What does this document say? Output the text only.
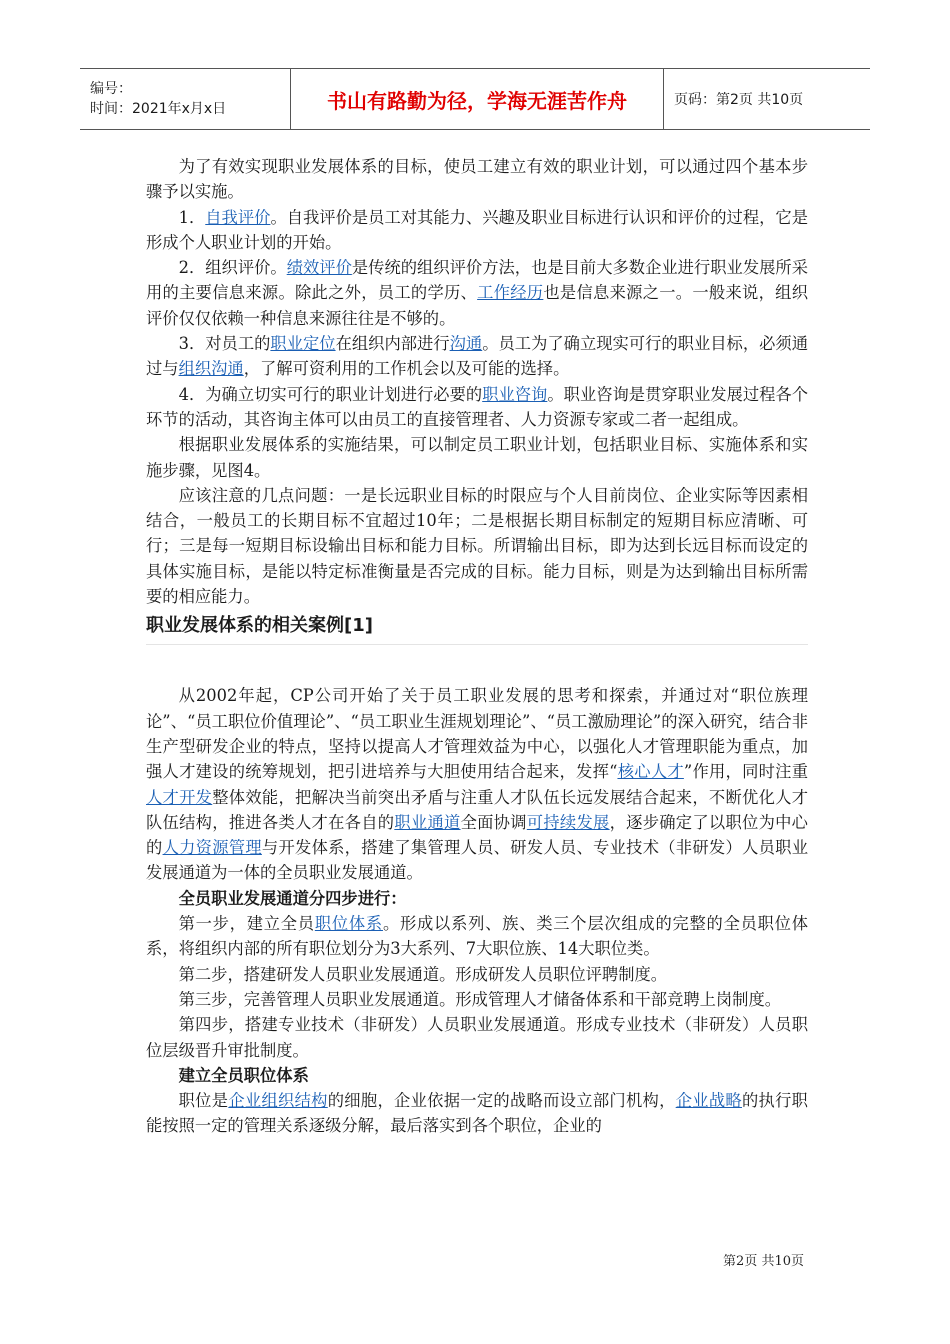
编号：
时间：2021年x月x日	书山有路勤为径，学海无涯苦作舟	页码：第2页 共10页

为了有效实现职业发展体系的目标，使员工建立有效的职业计划，可以通过四个基本步骤予以实施。

1．自我评价。自我评价是员工对其能力、兴趣及职业目标进行认识和评价的过程，它是形成个人职业计划的开始。

2．组织评价。绩效评价是传统的组织评价方法，也是目前大多数企业进行职业发展所采用的主要信息来源。除此之外，员工的学历、工作经历也是信息来源之一。一般来说，组织评价仅仅依赖一种信息来源往往是不够的。

3．对员工的职业定位在组织内部进行沟通。员工为了确立现实可行的职业目标，必须通过与组织沟通，了解可资利用的工作机会以及可能的选择。

4．为确立切实可行的职业计划进行必要的职业咨询。职业咨询是贯穿职业发展过程各个环节的活动，其咨询主体可以由员工的直接管理者、人力资源专家或二者一起组成。

根据职业发展体系的实施结果，可以制定员工职业计划，包括职业目标、实施体系和实施步骤，见图4。

应该注意的几点问题：一是长远职业目标的时限应与个人目前岗位、企业实际等因素相结合，一般员工的长期目标不宜超过10年；二是根据长期目标制定的短期目标应清晰、可行；三是每一短期目标设输出目标和能力目标。所谓输出目标，即为达到长远目标而设定的具体实施目标，是能以特定标准衡量是否完成的目标。能力目标，则是为达到输出目标所需要的相应能力。

职业发展体系的相关案例[1]

从2002年起，CP公司开始了关于员工职业发展的思考和探索，并通过对“职位族理论”、“员工职位价值理论”、“员工职业生涯规划理论”、“员工激励理论”的深入研究，结合非生产型研发企业的特点，坚持以提高人才管理效益为中心，以强化人才管理职能为重点，加强人才建设的统筹规划，把引进培养与大胆使用结合起来，发挥“核心人才”作用，同时注重人才开发整体效能，把解决当前突出矛盾与注重人才队伍长远发展结合起来，不断优化人才队伍结构，推进各类人才在各自的职业通道全面协调可持续发展，逐步确定了以职位为中心的人力资源管理与开发体系，搭建了集管理人员、研发人员、专业技术（非研发）人员职业发展通道为一体的全员职业发展通道。

全员职业发展通道分四步进行：

第一步，建立全员职位体系。形成以系列、族、类三个层次组成的完整的全员职位体系，将组织内部的所有职位划分为3大系列、7大职位族、14大职位类。

第二步，搭建研发人员职业发展通道。形成研发人员职位评聘制度。

第三步，完善管理人员职业发展通道。形成管理人才储备体系和干部竞聘上岗制度。

第四步，搭建专业技术（非研发）人员职业发展通道。形成专业技术（非研发）人员职位层级晋升审批制度。

建立全员职位体系

职位是企业组织结构的细胞，企业依据一定的战略而设立部门机构，企业战略的执行职能按照一定的管理关系逐级分解，最后落实到各个职位，企业的

第2页 共10页
